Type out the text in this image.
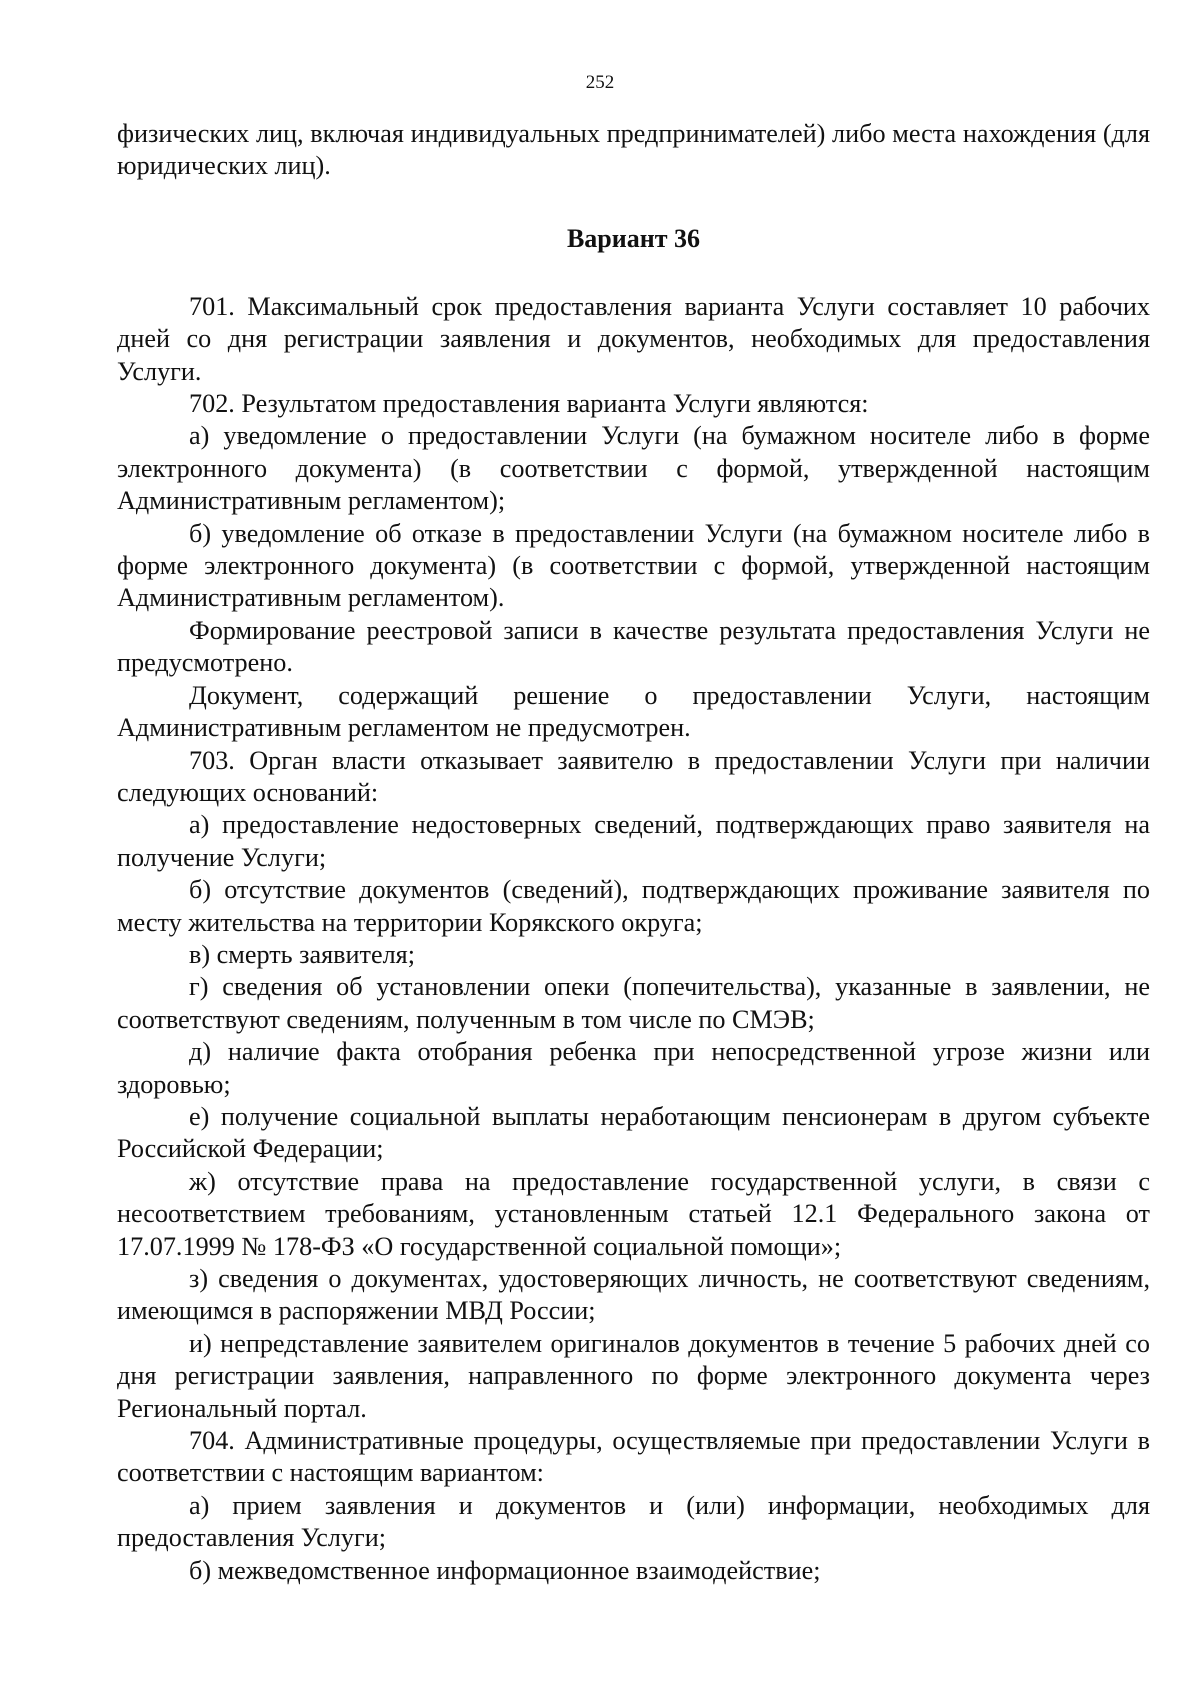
252

физических лиц, включая индивидуальных предпринимателей) либо места нахождения (для юридических лиц).

Вариант 36

701. Максимальный срок предоставления варианта Услуги составляет 10 рабочих дней со дня регистрации заявления и документов, необходимых для предоставления Услуги.

702. Результатом предоставления варианта Услуги являются:

а) уведомление о предоставлении Услуги (на бумажном носителе либо в форме электронного документа) (в соответствии с формой, утвержденной настоящим Административным регламентом);

б) уведомление об отказе в предоставлении Услуги (на бумажном носителе либо в форме электронного документа) (в соответствии с формой, утвержденной настоящим Административным регламентом).

Формирование реестровой записи в качестве результата предоставления Услуги не предусмотрено.

Документ, содержащий решение о предоставлении Услуги, настоящим Административным регламентом не предусмотрен.

703. Орган власти отказывает заявителю в предоставлении Услуги при наличии следующих оснований:

а) предоставление недостоверных сведений, подтверждающих право заявителя на получение Услуги;

б) отсутствие документов (сведений), подтверждающих проживание заявителя по месту жительства на территории Корякского округа;

в) смерть заявителя;

г) сведения об установлении опеки (попечительства), указанные в заявлении, не соответствуют сведениям, полученным в том числе по СМЭВ;

д) наличие факта отобрания ребенка при непосредственной угрозе жизни или здоровью;

е) получение социальной выплаты неработающим пенсионерам в другом субъекте Российской Федерации;

ж) отсутствие права на предоставление государственной услуги, в связи с несоответствием требованиям, установленным статьей 12.1 Федерального закона от 17.07.1999 № 178-ФЗ «О государственной социальной помощи»;

з) сведения о документах, удостоверяющих личность, не соответствуют сведениям, имеющимся в распоряжении МВД России;

и) непредставление заявителем оригиналов документов в течение 5 рабочих дней со дня регистрации заявления, направленного по форме электронного документа через Региональный портал.

704. Административные процедуры, осуществляемые при предоставлении Услуги в соответствии с настоящим вариантом:

а) прием заявления и документов и (или) информации, необходимых для предоставления Услуги;

б) межведомственное информационное взаимодействие;
